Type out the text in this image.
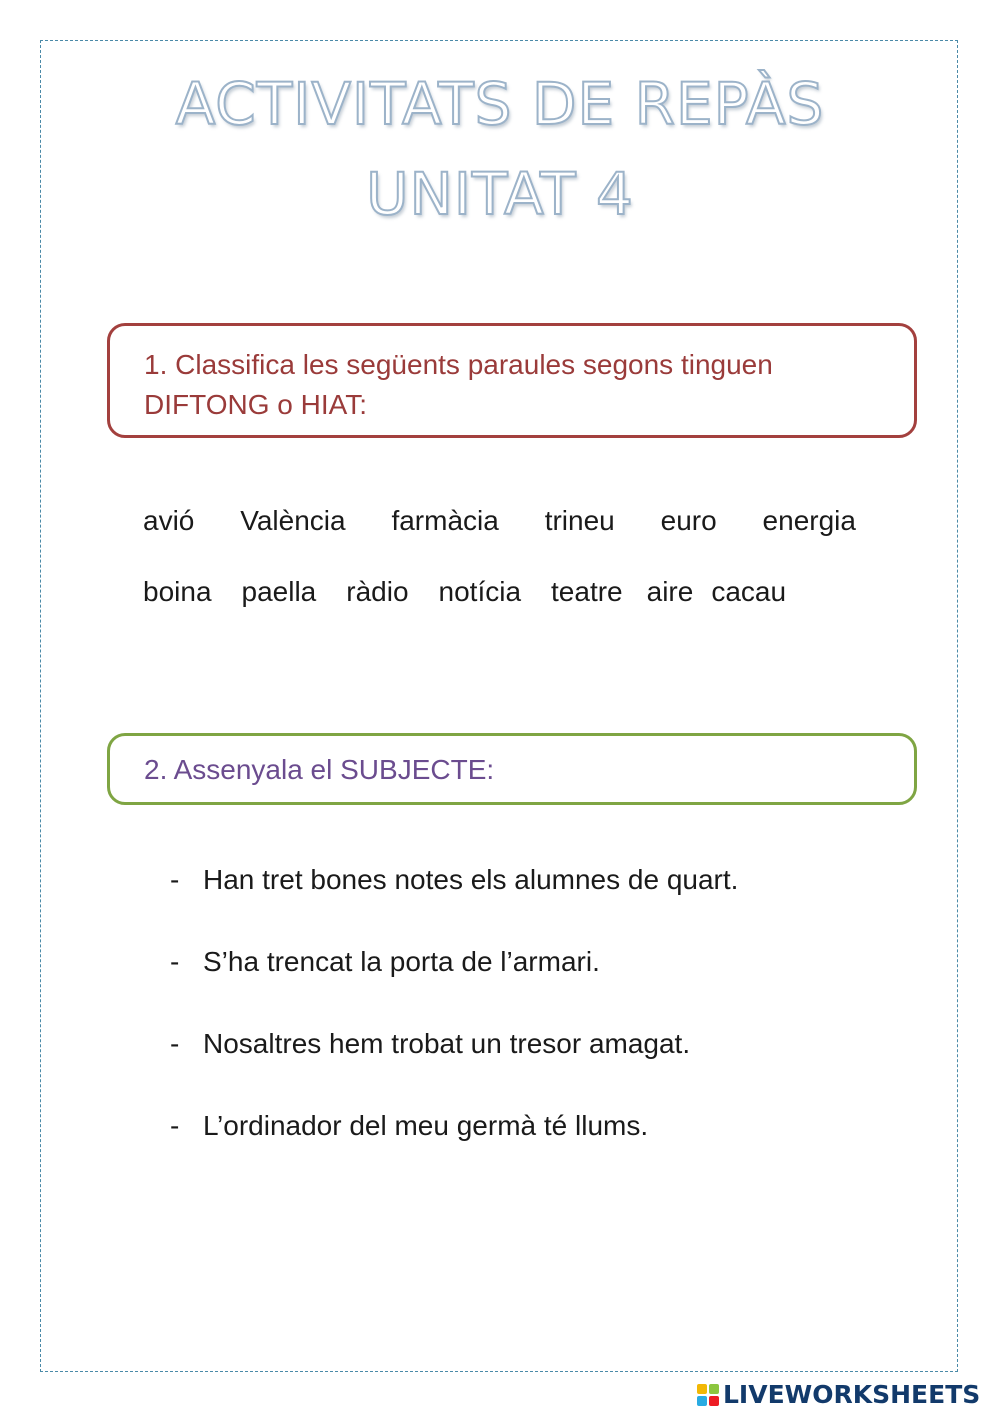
ACTIVITATS DE REPÀS
UNITAT 4
1. Classifica les següents paraules segons tinguen
DIFTONG o HIAT:
avió València farmàcia trineu euro energia
boina paella ràdio notícia teatre aire cacau
2. Assenyala el SUBJECTE:
- Han tret bones notes els alumnes de quart.
- S’ha trencat la porta de l’armari.
- Nosaltres hem trobat un tresor amagat.
- L’ordinador del meu germà té llums.
LIVEWORKSHEETS
